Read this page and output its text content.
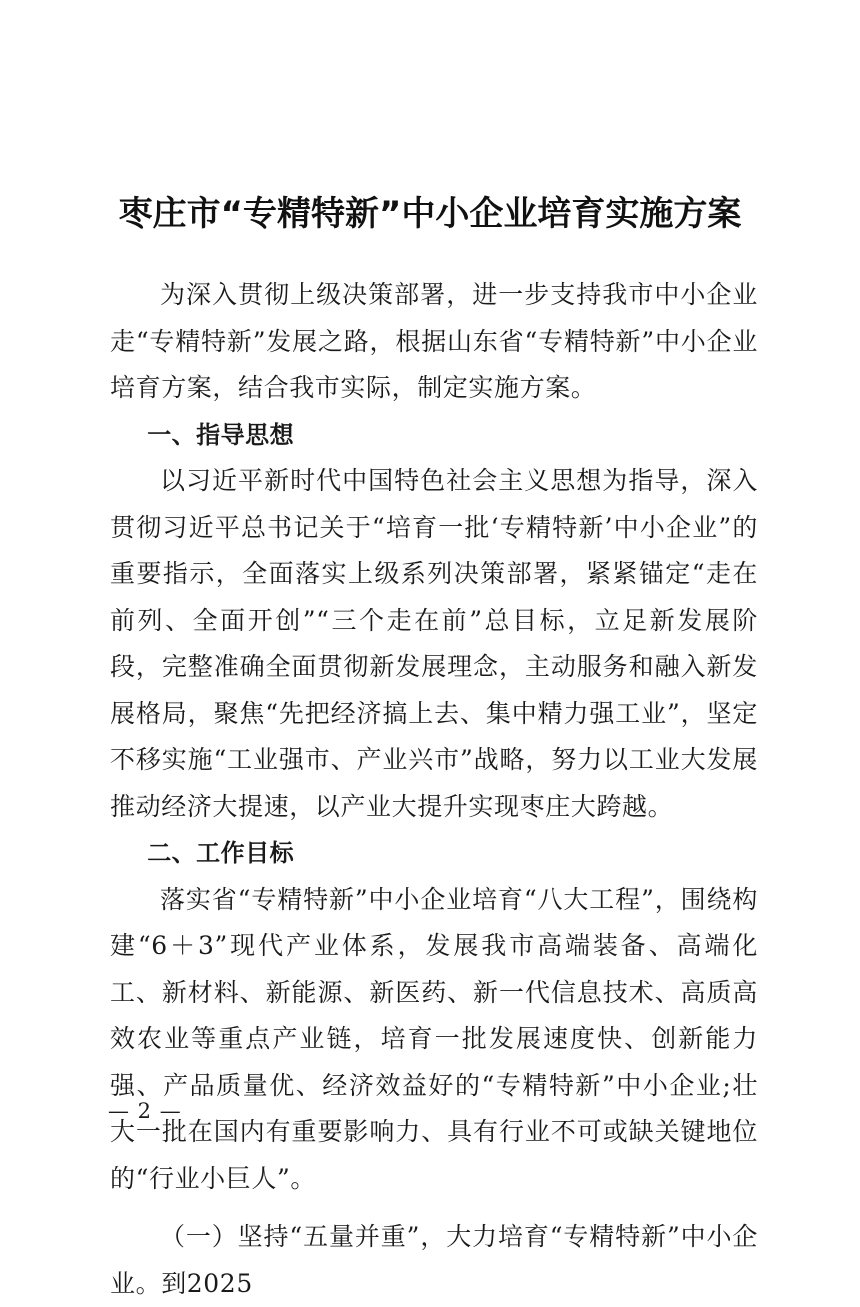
枣庄市“专精特新”中小企业培育实施方案

为深入贯彻上级决策部署，进一步支持我市中小企业走“专精特新”发展之路，根据山东省“专精特新”中小企业培育方案，结合我市实际，制定实施方案。

一、指导思想

以习近平新时代中国特色社会主义思想为指导，深入贯彻习近平总书记关于“培育一批‘专精特新’中小企业”的重要指示，全面落实上级系列决策部署，紧紧锚定“走在前列、全面开创”“三个走在前”总目标，立足新发展阶段，完整准确全面贯彻新发展理念，主动服务和融入新发展格局，聚焦“先把经济搞上去、集中精力强工业”，坚定不移实施“工业强市、产业兴市”战略，努力以工业大发展推动经济大提速，以产业大提升实现枣庄大跨越。

二、工作目标

落实省“专精特新”中小企业培育“八大工程”，围绕构建“6＋3”现代产业体系，发展我市高端装备、高端化工、新材料、新能源、新医药、新一代信息技术、高质高效农业等重点产业链，培育一批发展速度快、创新能力强、产品质量优、经济效益好的“专精特新”中小企业;壮大一批在国内有重要影响力、具有行业不可或缺关键地位的“行业小巨人”。

（一）坚持“五量并重”，大力培育“专精特新”中小企业。到2025

— 2 —
